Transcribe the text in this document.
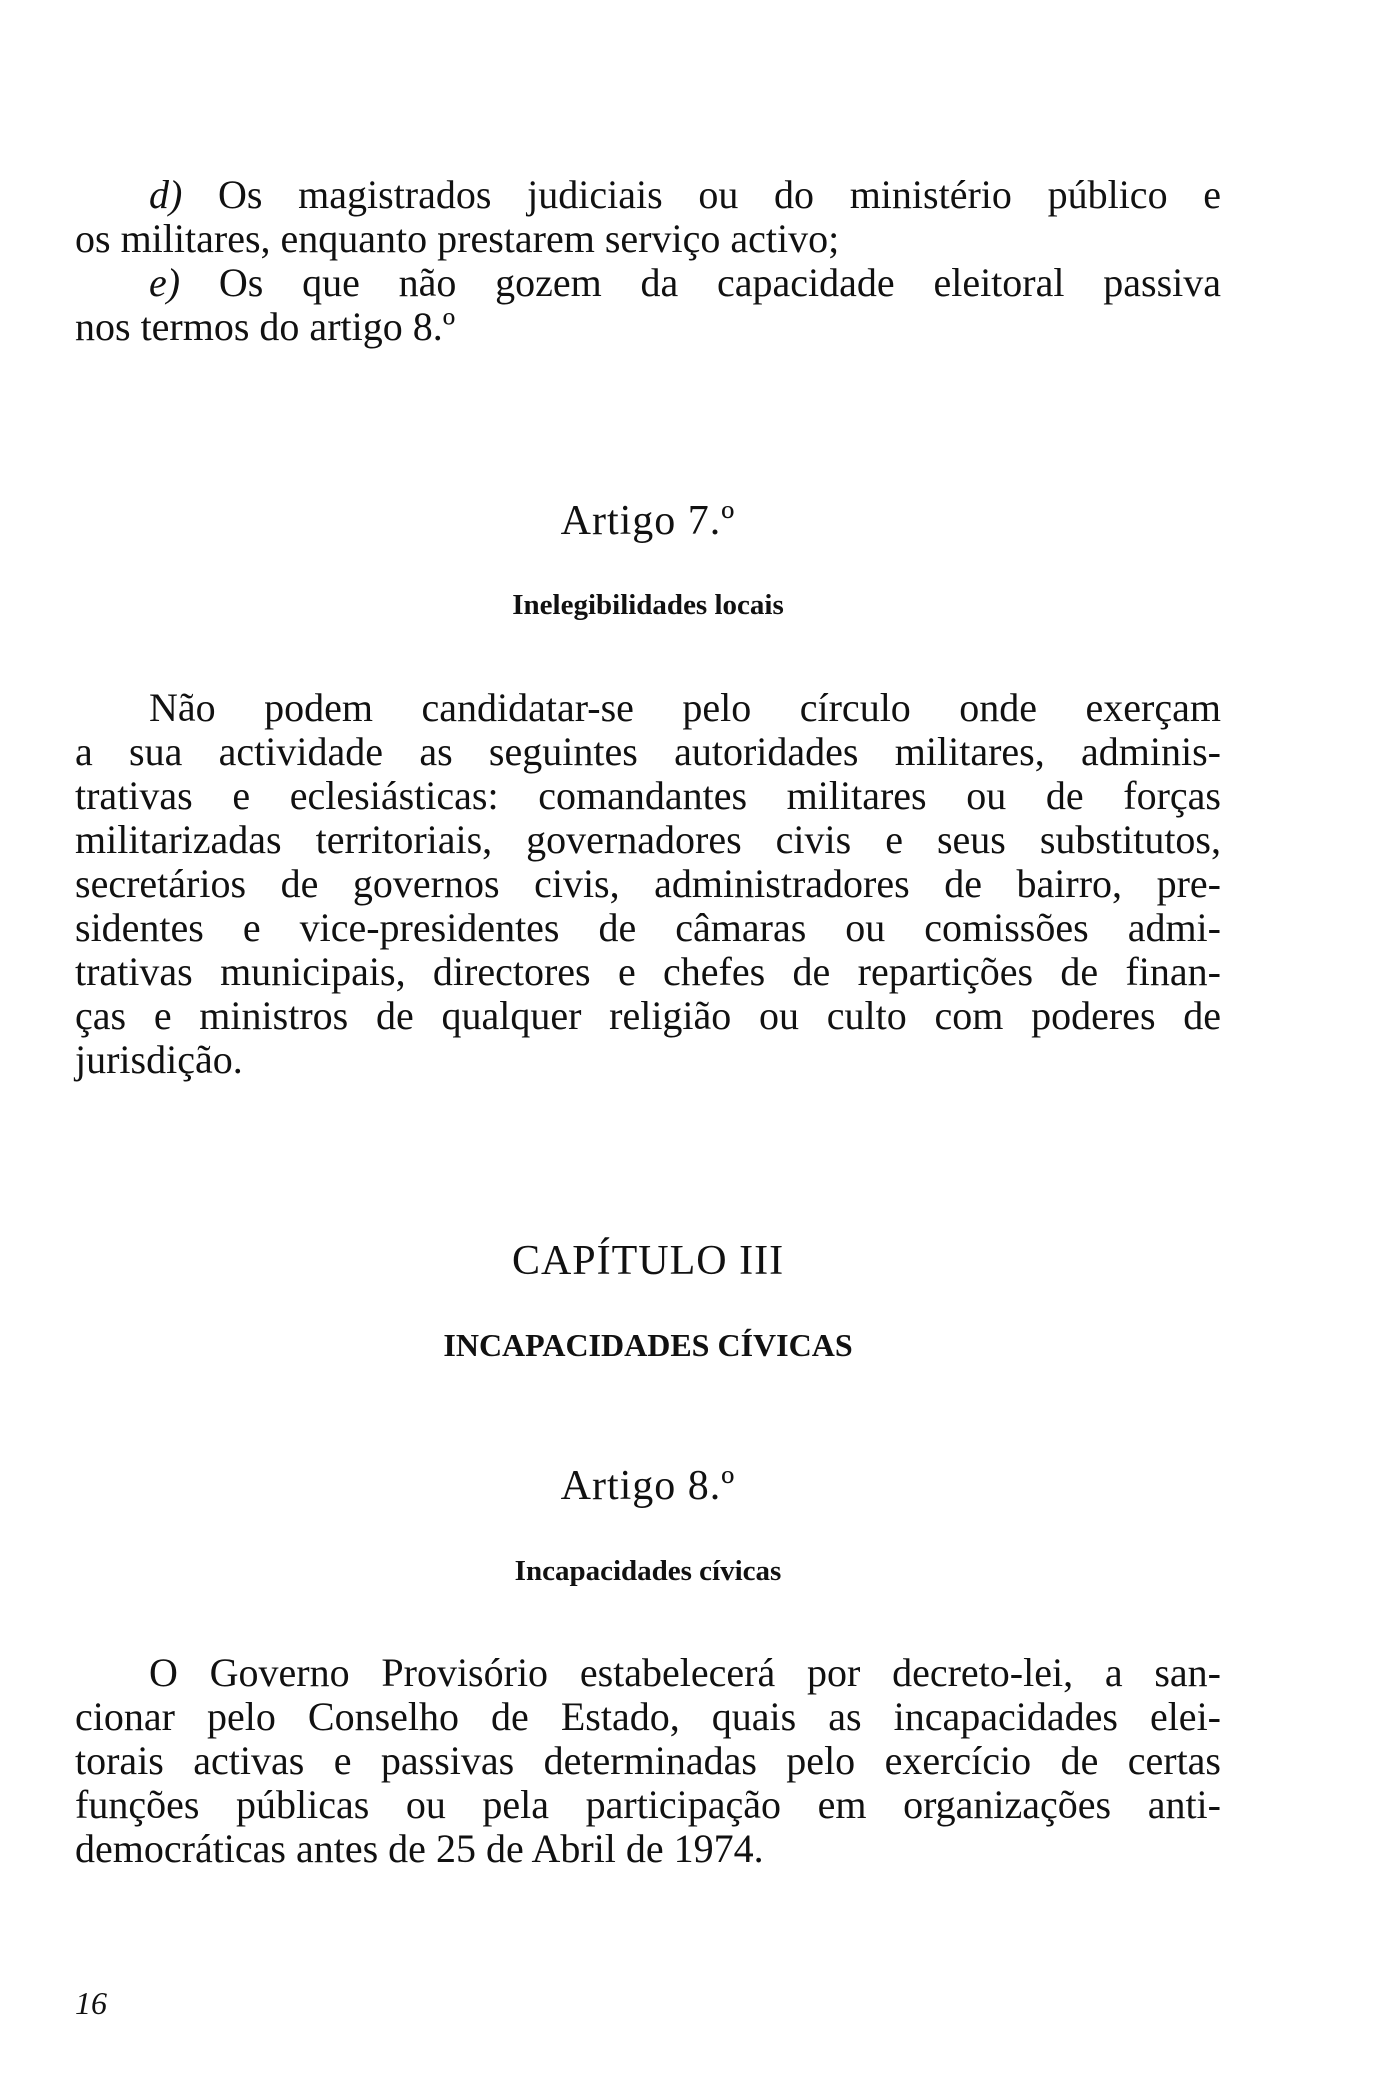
d) Os magistrados judiciais ou do ministério público e
os militares, enquanto prestarem serviço activo;
e) Os que não gozem da capacidade eleitoral passiva
nos termos do artigo 8.º
Artigo 7.º
Inelegibilidades locais
Não podem candidatar-se pelo círculo onde exerçam
a sua actividade as seguintes autoridades militares, adminis-
trativas e eclesiásticas: comandantes militares ou de forças
militarizadas territoriais, governadores civis e seus substitutos,
secretários de governos civis, administradores de bairro, pre-
sidentes e vice-presidentes de câmaras ou comissões admi-
trativas municipais, directores e chefes de repartições de finan-
ças e ministros de qualquer religião ou culto com poderes de
jurisdição.
CAPÍTULO III
INCAPACIDADES CÍVICAS
Artigo 8.º
Incapacidades cívicas
O Governo Provisório estabelecerá por decreto-lei, a san-
cionar pelo Conselho de Estado, quais as incapacidades elei-
torais activas e passivas determinadas pelo exercício de certas
funções públicas ou pela participação em organizações anti-
democráticas antes de 25 de Abril de 1974.

16
